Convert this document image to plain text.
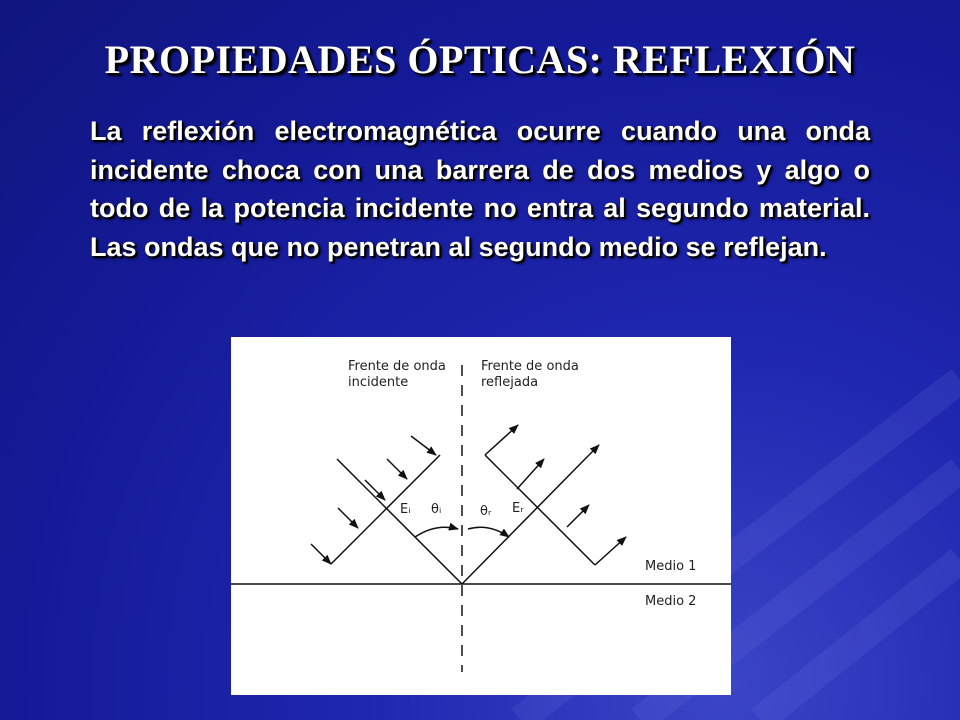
PROPIEDADES ÓPTICAS: REFLEXIÓN
La reflexión electromagnética ocurre cuando una onda incidente choca con una barrera de dos medios y algo o todo de la potencia incidente no entra al segundo material. Las ondas que no penetran al segundo medio se reflejan.
Frente de onda
incidente
Frente de onda
reflejada
Eᵢ θᵢ	θᵣ Eᵣ
Medio 1
Medio 2
